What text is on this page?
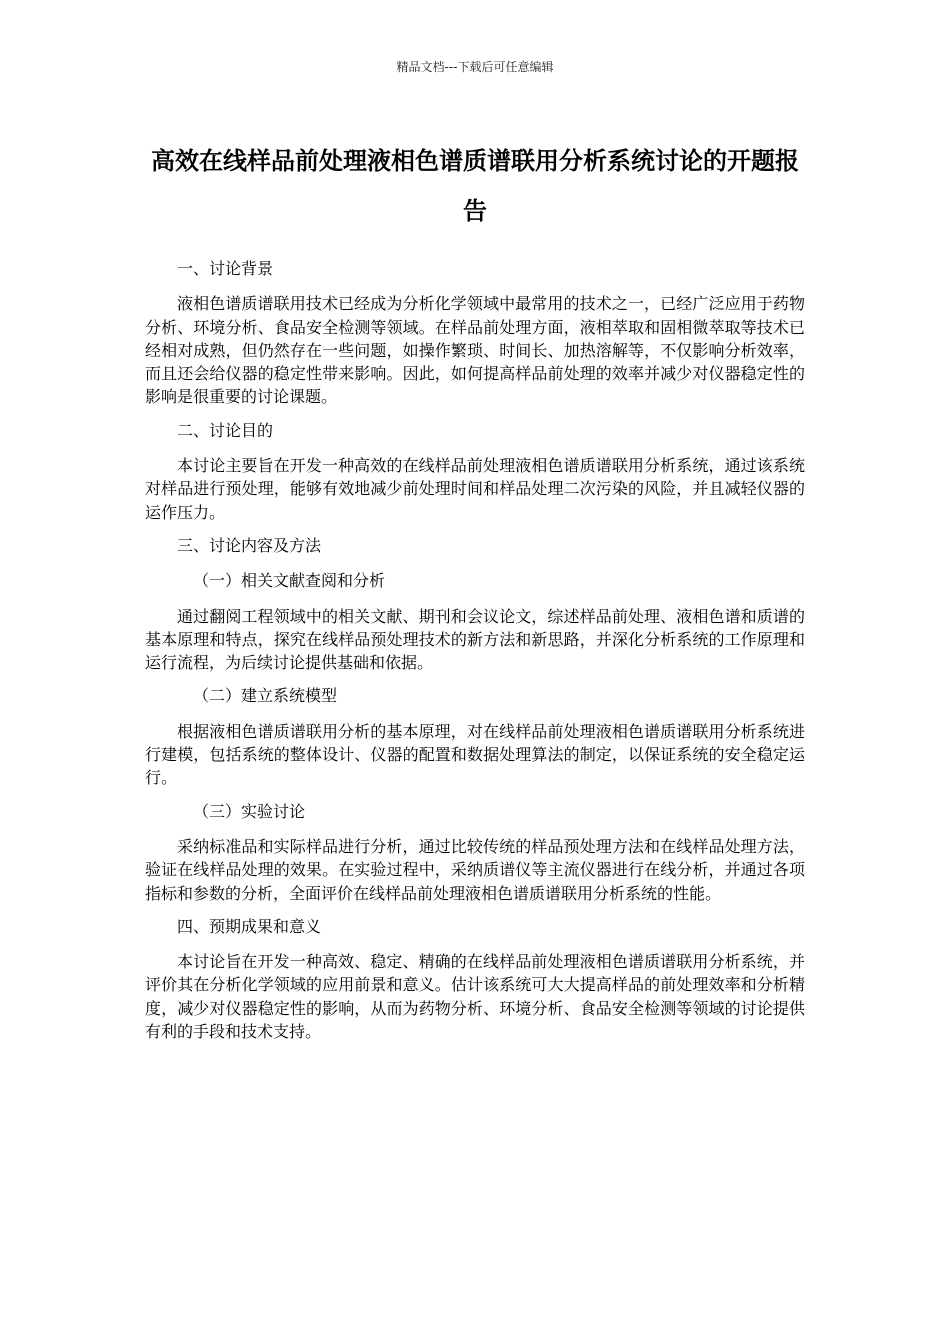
精品文档---下载后可任意编辑
高效在线样品前处理液相色谱质谱联用分析系统讨论的开题报告

一、讨论背景

液相色谱质谱联用技术已经成为分析化学领域中最常用的技术之一，已经广泛应用于药物分析、环境分析、食品安全检测等领域。在样品前处理方面，液相萃取和固相微萃取等技术已经相对成熟，但仍然存在一些问题，如操作繁琐、时间长、加热溶解等，不仅影响分析效率，而且还会给仪器的稳定性带来影响。因此，如何提高样品前处理的效率并减少对仪器稳定性的影响是很重要的讨论课题。

二、讨论目的

本讨论主要旨在开发一种高效的在线样品前处理液相色谱质谱联用分析系统，通过该系统对样品进行预处理，能够有效地减少前处理时间和样品处理二次污染的风险，并且减轻仪器的运作压力。

三、讨论内容及方法

（一）相关文献查阅和分析

通过翻阅工程领域中的相关文献、期刊和会议论文，综述样品前处理、液相色谱和质谱的基本原理和特点，探究在线样品预处理技术的新方法和新思路，并深化分析系统的工作原理和运行流程，为后续讨论提供基础和依据。

（二）建立系统模型

根据液相色谱质谱联用分析的基本原理，对在线样品前处理液相色谱质谱联用分析系统进行建模，包括系统的整体设计、仪器的配置和数据处理算法的制定，以保证系统的安全稳定运行。

（三）实验讨论

采纳标准品和实际样品进行分析，通过比较传统的样品预处理方法和在线样品处理方法，验证在线样品处理的效果。在实验过程中，采纳质谱仪等主流仪器进行在线分析，并通过各项指标和参数的分析，全面评价在线样品前处理液相色谱质谱联用分析系统的性能。

四、预期成果和意义

本讨论旨在开发一种高效、稳定、精确的在线样品前处理液相色谱质谱联用分析系统，并评价其在分析化学领域的应用前景和意义。估计该系统可大大提高样品的前处理效率和分析精度，减少对仪器稳定性的影响，从而为药物分析、环境分析、食品安全检测等领域的讨论提供有利的手段和技术支持。
